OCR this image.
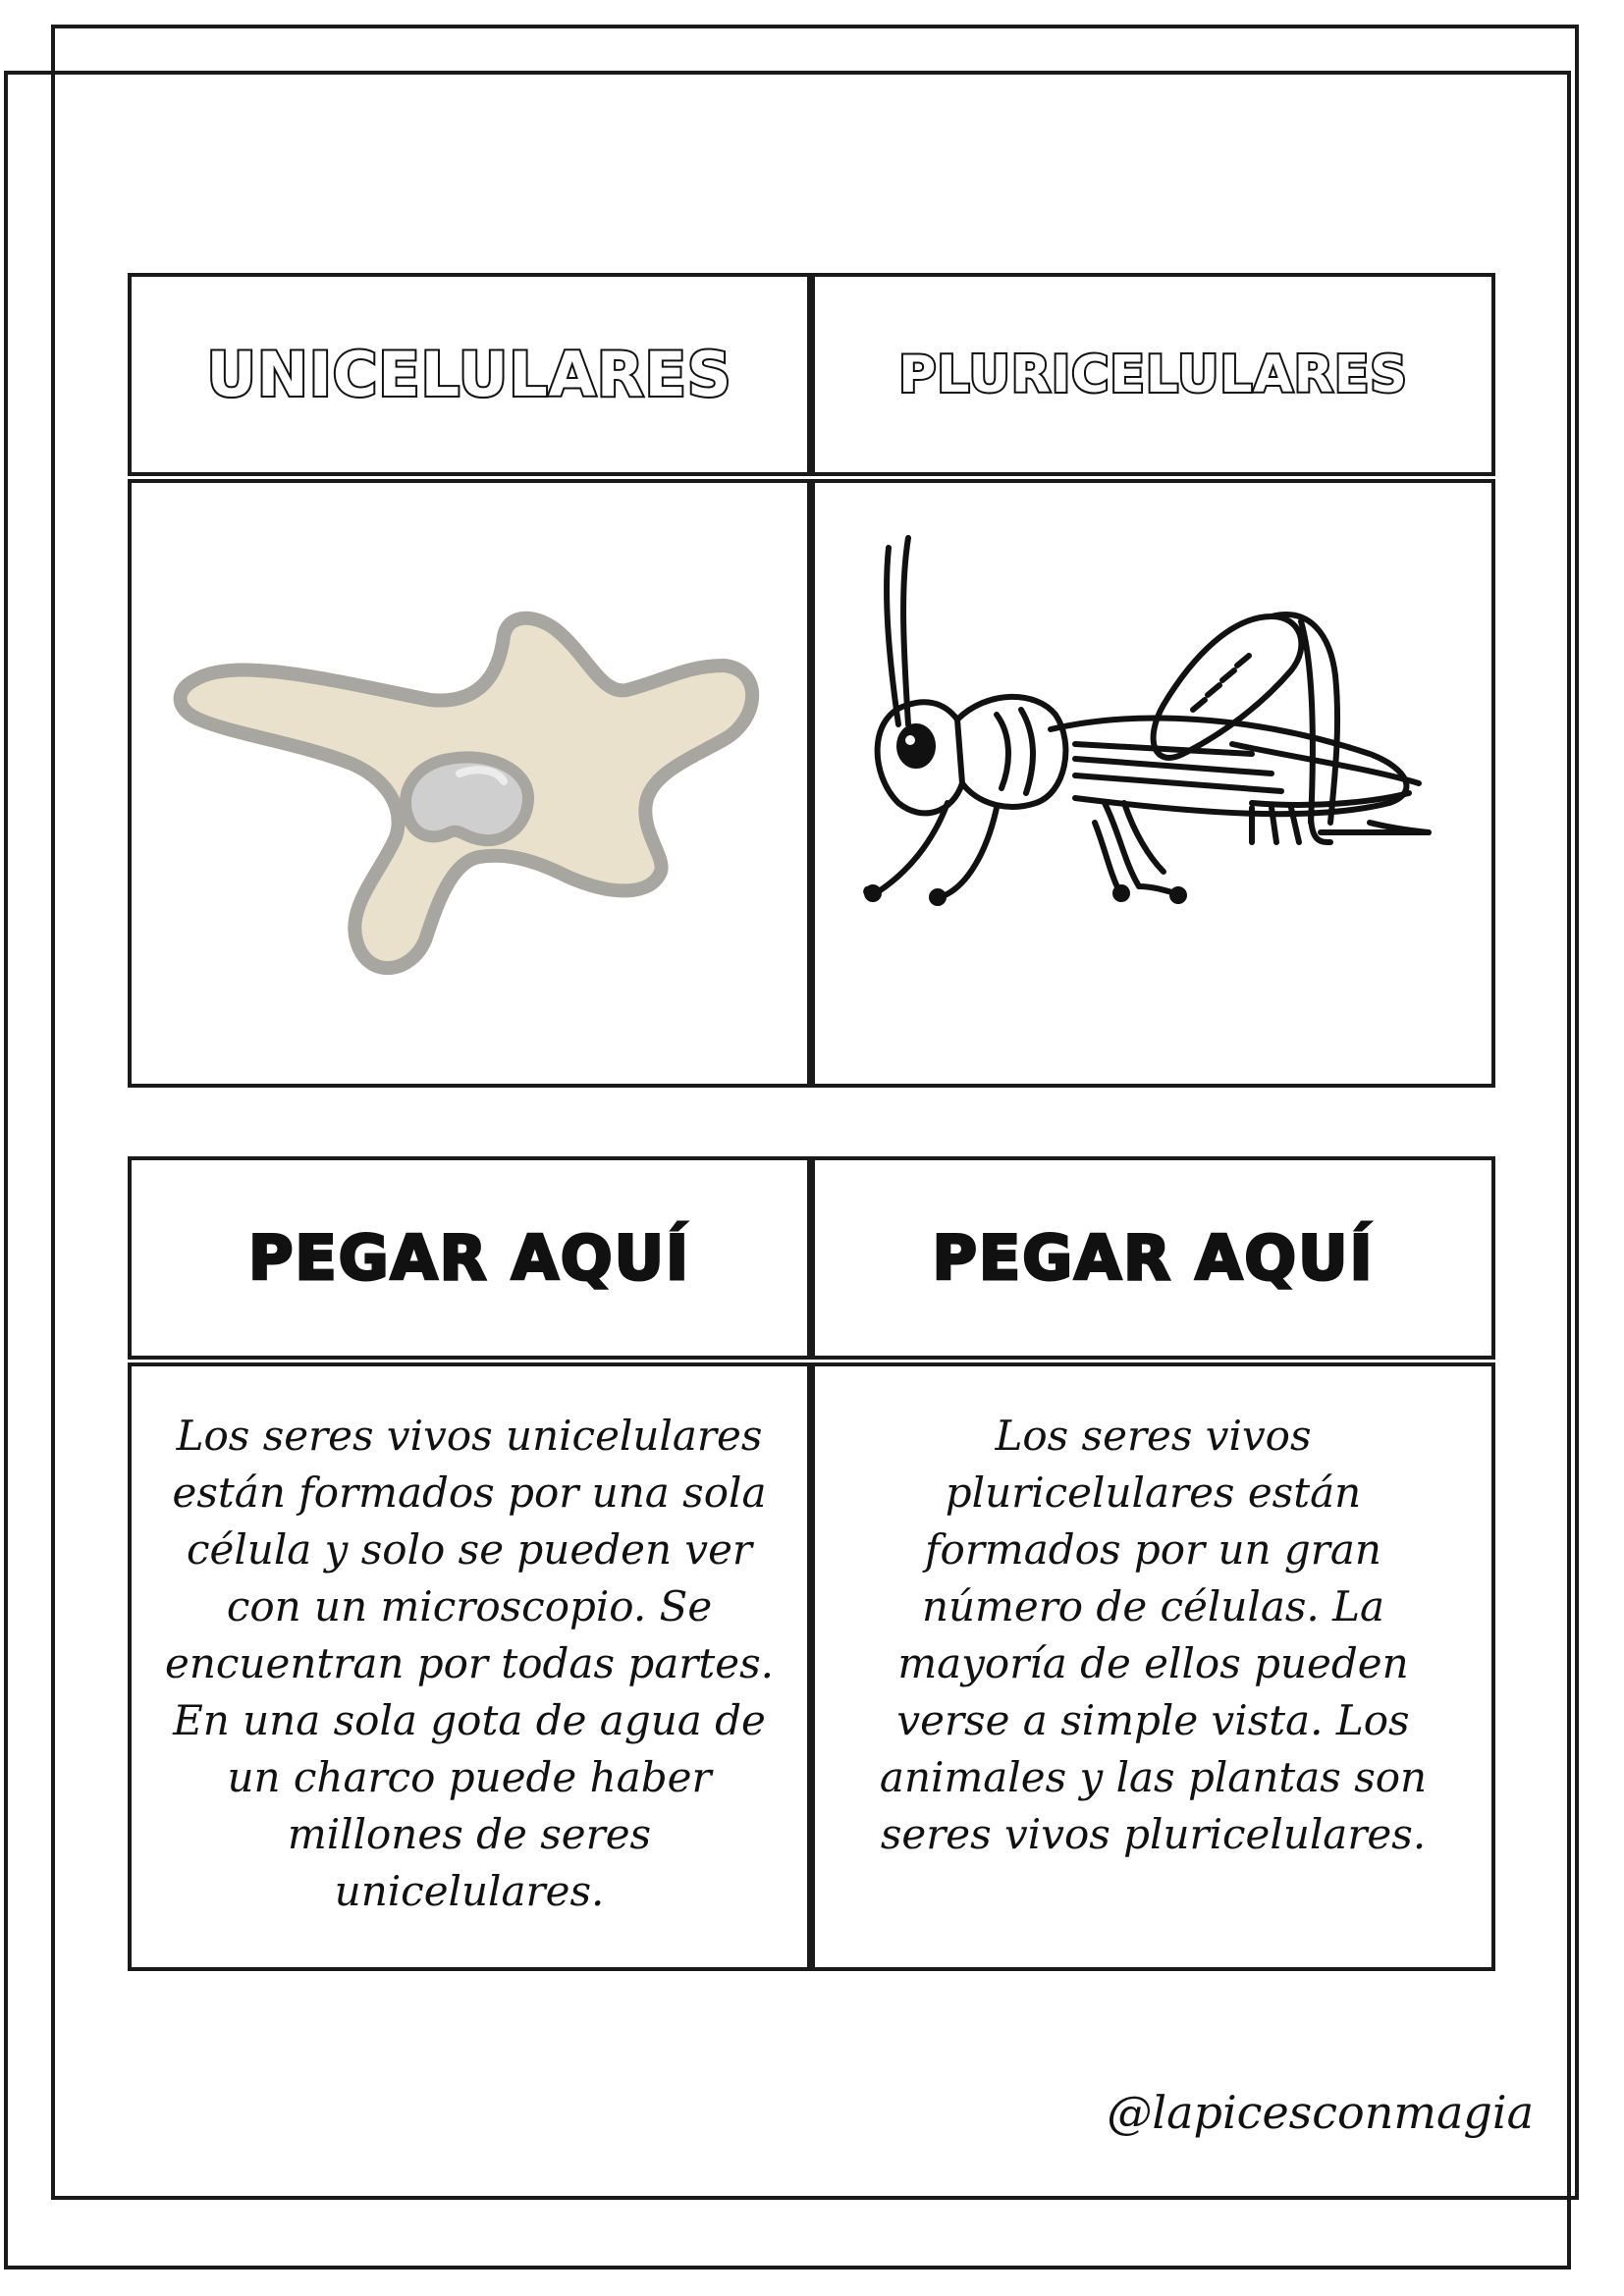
UNICELULARES	PLURICELULARES
PEGAR AQUÍ	PEGAR AQUÍ

Los seres vivos unicelulares están formados por una sola célula y solo se pueden ver con un microscopio. Se encuentran por todas partes. En una sola gota de agua de un charco puede haber millones de seres unicelulares.

Los seres vivos pluricelulares están formados por un gran número de células. La mayoría de ellos pueden verse a simple vista. Los animales y las plantas son seres vivos pluricelulares.

@lapicesconmagia
